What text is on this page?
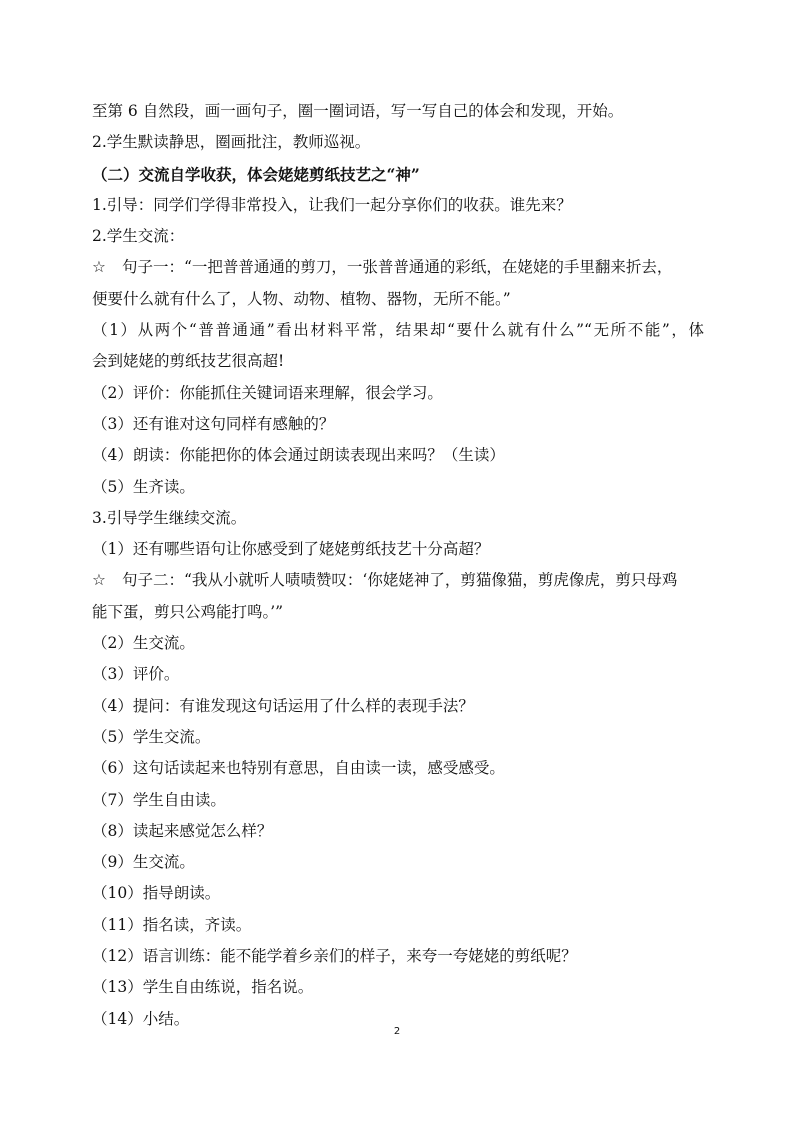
至第 6 自然段，画一画句子，圈一圈词语，写一写自己的体会和发现，开始。
2.学生默读静思，圈画批注，教师巡视。
（二）交流自学收获，体会姥姥剪纸技艺之“神”
1.引导：同学们学得非常投入，让我们一起分享你们的收获。谁先来？
2.学生交流：
☆ 句子一：“一把普普通通的剪刀，一张普普通通的彩纸，在姥姥的手里翻来折去，
便要什么就有什么了，人物、动物、植物、器物，无所不能。”
（1）从两个“普普通通”看出材料平常，结果却“要什么就有什么”“无所不能”，体
会到姥姥的剪纸技艺很高超!
（2）评价：你能抓住关键词语来理解，很会学习。
（3）还有谁对这句同样有感触的？
（4）朗读：你能把你的体会通过朗读表现出来吗？（生读）
（5）生齐读。
3.引导学生继续交流。
（1）还有哪些语句让你感受到了姥姥剪纸技艺十分高超？
☆ 句子二：“我从小就听人啧啧赞叹：‘你姥姥神了，剪猫像猫，剪虎像虎，剪只母鸡
能下蛋，剪只公鸡能打鸣。’”
（2）生交流。
（3）评价。
（4）提问：有谁发现这句话运用了什么样的表现手法？
（5）学生交流。
（6）这句话读起来也特别有意思，自由读一读，感受感受。
（7）学生自由读。
（8）读起来感觉怎么样？
（9）生交流。
（10）指导朗读。
（11）指名读，齐读。
（12）语言训练：能不能学着乡亲们的样子，来夸一夸姥姥的剪纸呢？
（13）学生自由练说，指名说。
（14）小结。
2
